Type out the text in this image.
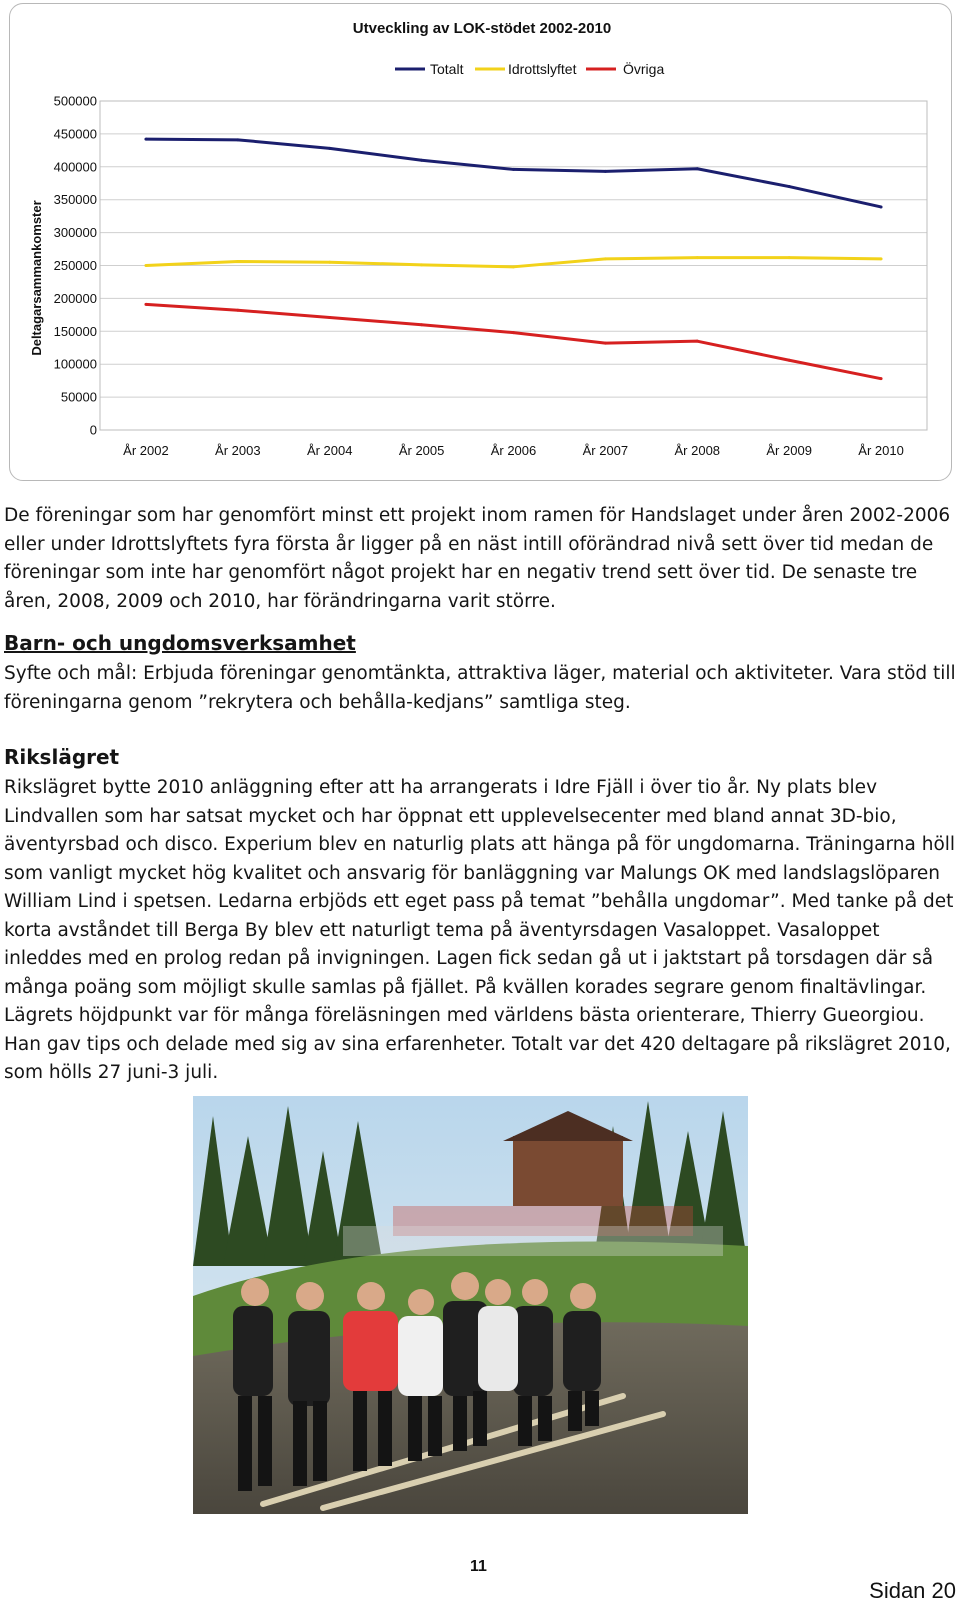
Utveckling av LOK-stödet 2002-2010
Totalt	Idrottslyftet	Övriga
0
50000
100000
150000
200000
250000
300000
350000
400000
450000
500000
År 2002	År 2003	År 2004	År 2005	År 2006	År 2007	År 2008	År 2009	År 2010
Deltagarsammankomster
De föreningar som har genomfört minst ett projekt inom ramen för Handslaget under åren 2002-2006 eller under Idrottslyftets fyra första år ligger på en näst intill oförändrad nivå sett över tid medan de föreningar som inte har genomfört något projekt har en negativ trend sett över tid. De senaste tre åren, 2008, 2009 och 2010, har förändringarna varit större.
Barn- och ungdomsverksamhet
Syfte och mål: Erbjuda föreningar genomtänkta, attraktiva läger, material och aktiviteter. Vara stöd till föreningarna genom ”rekrytera och behålla-kedjans” samtliga steg.
Rikslägret
Rikslägret bytte 2010 anläggning efter att ha arrangerats i Idre Fjäll i över tio år. Ny plats blev Lindvallen som har satsat mycket och har öppnat ett upplevelsecenter med bland annat 3D-bio, äventyrsbad och disco. Experium blev en naturlig plats att hänga på för ungdomarna. Träningarna höll som vanligt mycket hög kvalitet och ansvarig för banläggning var Malungs OK med landslagslöparen William Lind i spetsen. Ledarna erbjöds ett eget pass på temat ”behålla ungdomar”. Med tanke på det korta avståndet till Berga By blev ett naturligt tema på äventyrsdagen Vasaloppet. Vasaloppet inleddes med en prolog redan på invigningen. Lagen fick sedan gå ut i jaktstart på torsdagen där så många poäng som möjligt skulle samlas på fjället. På kvällen korades segrare genom finaltävlingar. Lägrets höjdpunkt var för många föreläsningen med världens bästa orienterare, Thierry Gueorgiou. Han gav tips och delade med sig av sina erfarenheter. Totalt var det 420 deltagare på rikslägret 2010, som hölls 27 juni-3 juli.
11
Sidan 20
